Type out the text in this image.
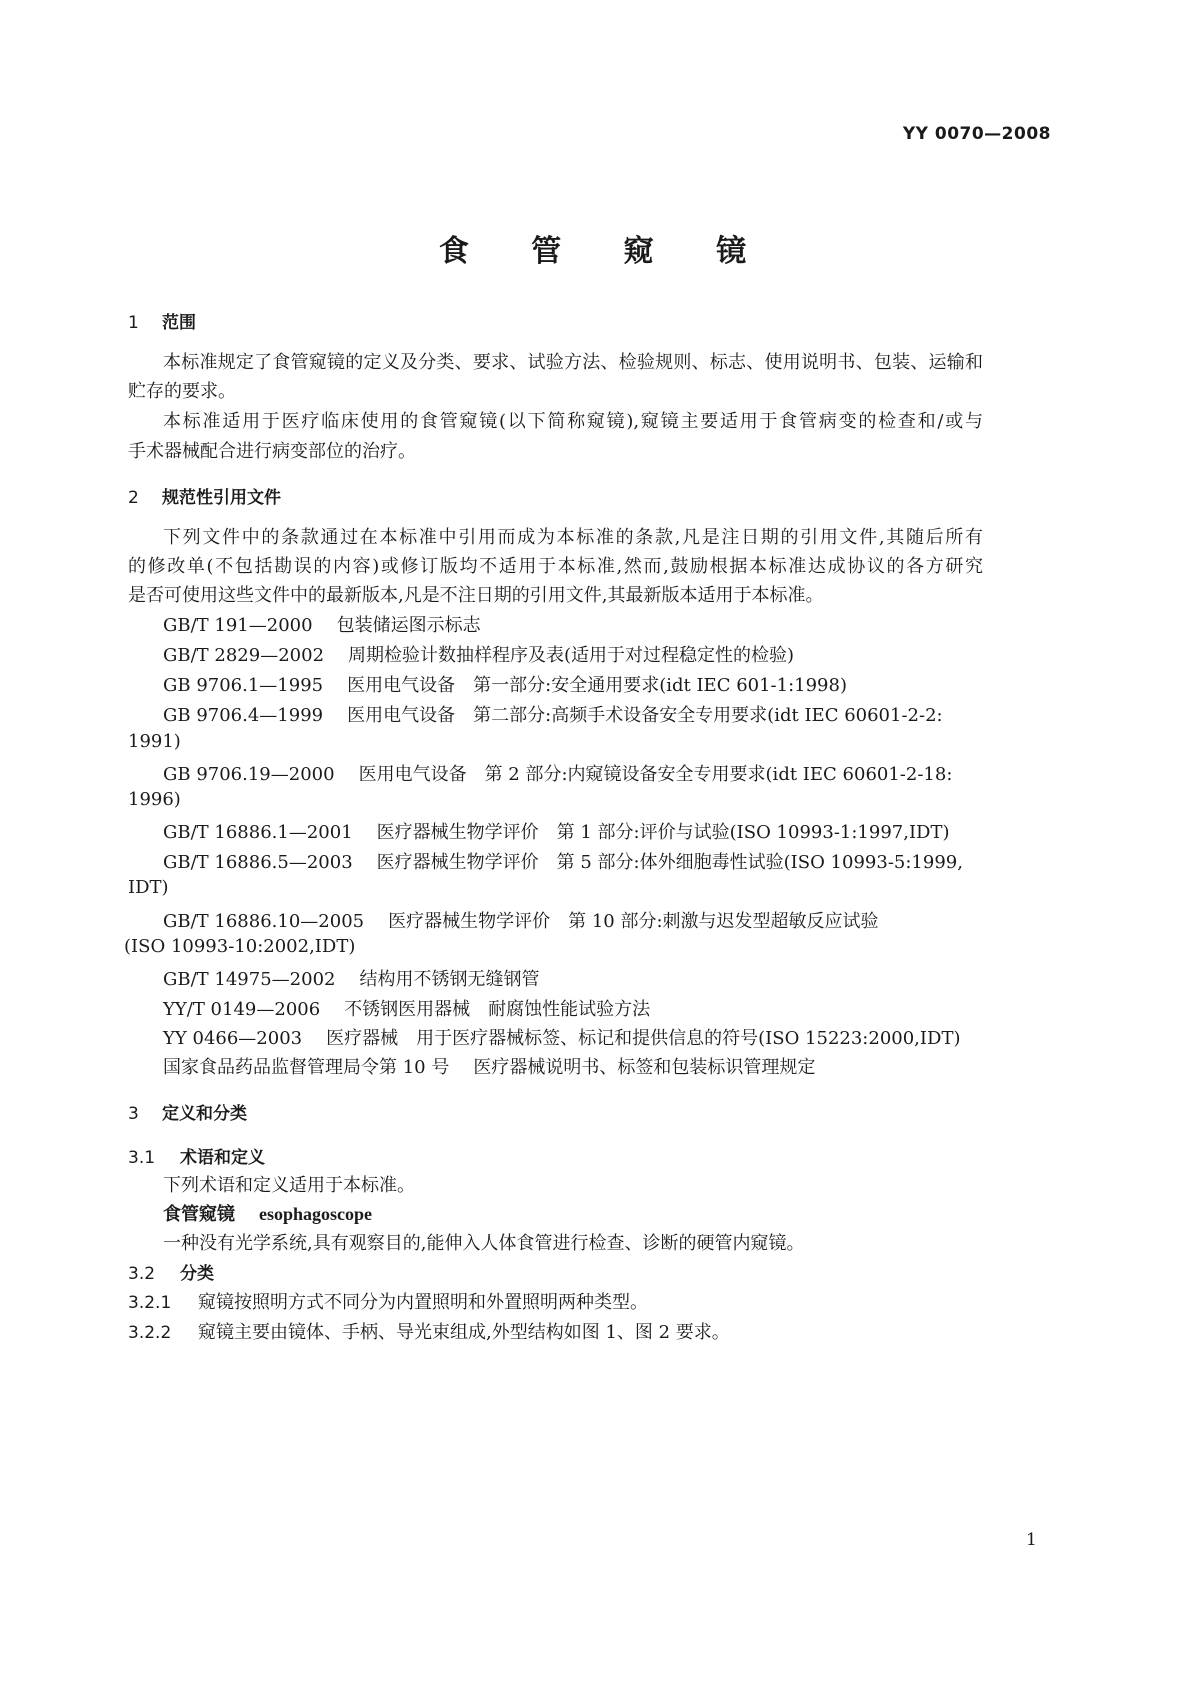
YY 0070—2008
食 管 窥 镜
1 范围
本标准规定了食管窥镜的定义及分类、要求、试验方法、检验规则、标志、使用说明书、包装、运输和
贮存的要求。
本标准适用于医疗临床使用的食管窥镜(以下简称窥镜),窥镜主要适用于食管病变的检查和/或与
手术器械配合进行病变部位的治疗。
2 规范性引用文件
下列文件中的条款通过在本标准中引用而成为本标准的条款,凡是注日期的引用文件,其随后所有
的修改单(不包括勘误的内容)或修订版均不适用于本标准,然而,鼓励根据本标准达成协议的各方研究
是否可使用这些文件中的最新版本,凡是不注日期的引用文件,其最新版本适用于本标准。
GB/T 191—2000 包装储运图示标志
GB/T 2829—2002 周期检验计数抽样程序及表(适用于对过程稳定性的检验)
GB 9706.1—1995 医用电气设备　第一部分:安全通用要求(idt IEC 601-1:1998)
GB 9706.4—1999 医用电气设备　第二部分:高频手术设备安全专用要求(idt IEC 60601-2-2:
1991)
GB 9706.19—2000 医用电气设备　第 2 部分:内窥镜设备安全专用要求(idt IEC 60601-2-18:
1996)
GB/T 16886.1—2001 医疗器械生物学评价　第 1 部分:评价与试验(ISO 10993-1:1997,IDT)
GB/T 16886.5—2003 医疗器械生物学评价　第 5 部分:体外细胞毒性试验(ISO 10993-5:1999,
IDT)
GB/T 16886.10—2005 医疗器械生物学评价　第 10 部分:刺激与迟发型超敏反应试验
(ISO 10993-10:2002,IDT)
GB/T 14975—2002 结构用不锈钢无缝钢管
YY/T 0149—2006 不锈钢医用器械　耐腐蚀性能试验方法
YY 0466—2003 医疗器械　用于医疗器械标签、标记和提供信息的符号(ISO 15223:2000,IDT)
国家食品药品监督管理局令第 10 号 医疗器械说明书、标签和包装标识管理规定
3 定义和分类
3.1 术语和定义
下列术语和定义适用于本标准。
食管窥镜 esophagoscope
一种没有光学系统,具有观察目的,能伸入人体食管进行检查、诊断的硬管内窥镜。
3.2 分类
3.2.1 窥镜按照明方式不同分为内置照明和外置照明两种类型。
3.2.2 窥镜主要由镜体、手柄、导光束组成,外型结构如图 1、图 2 要求。
1
